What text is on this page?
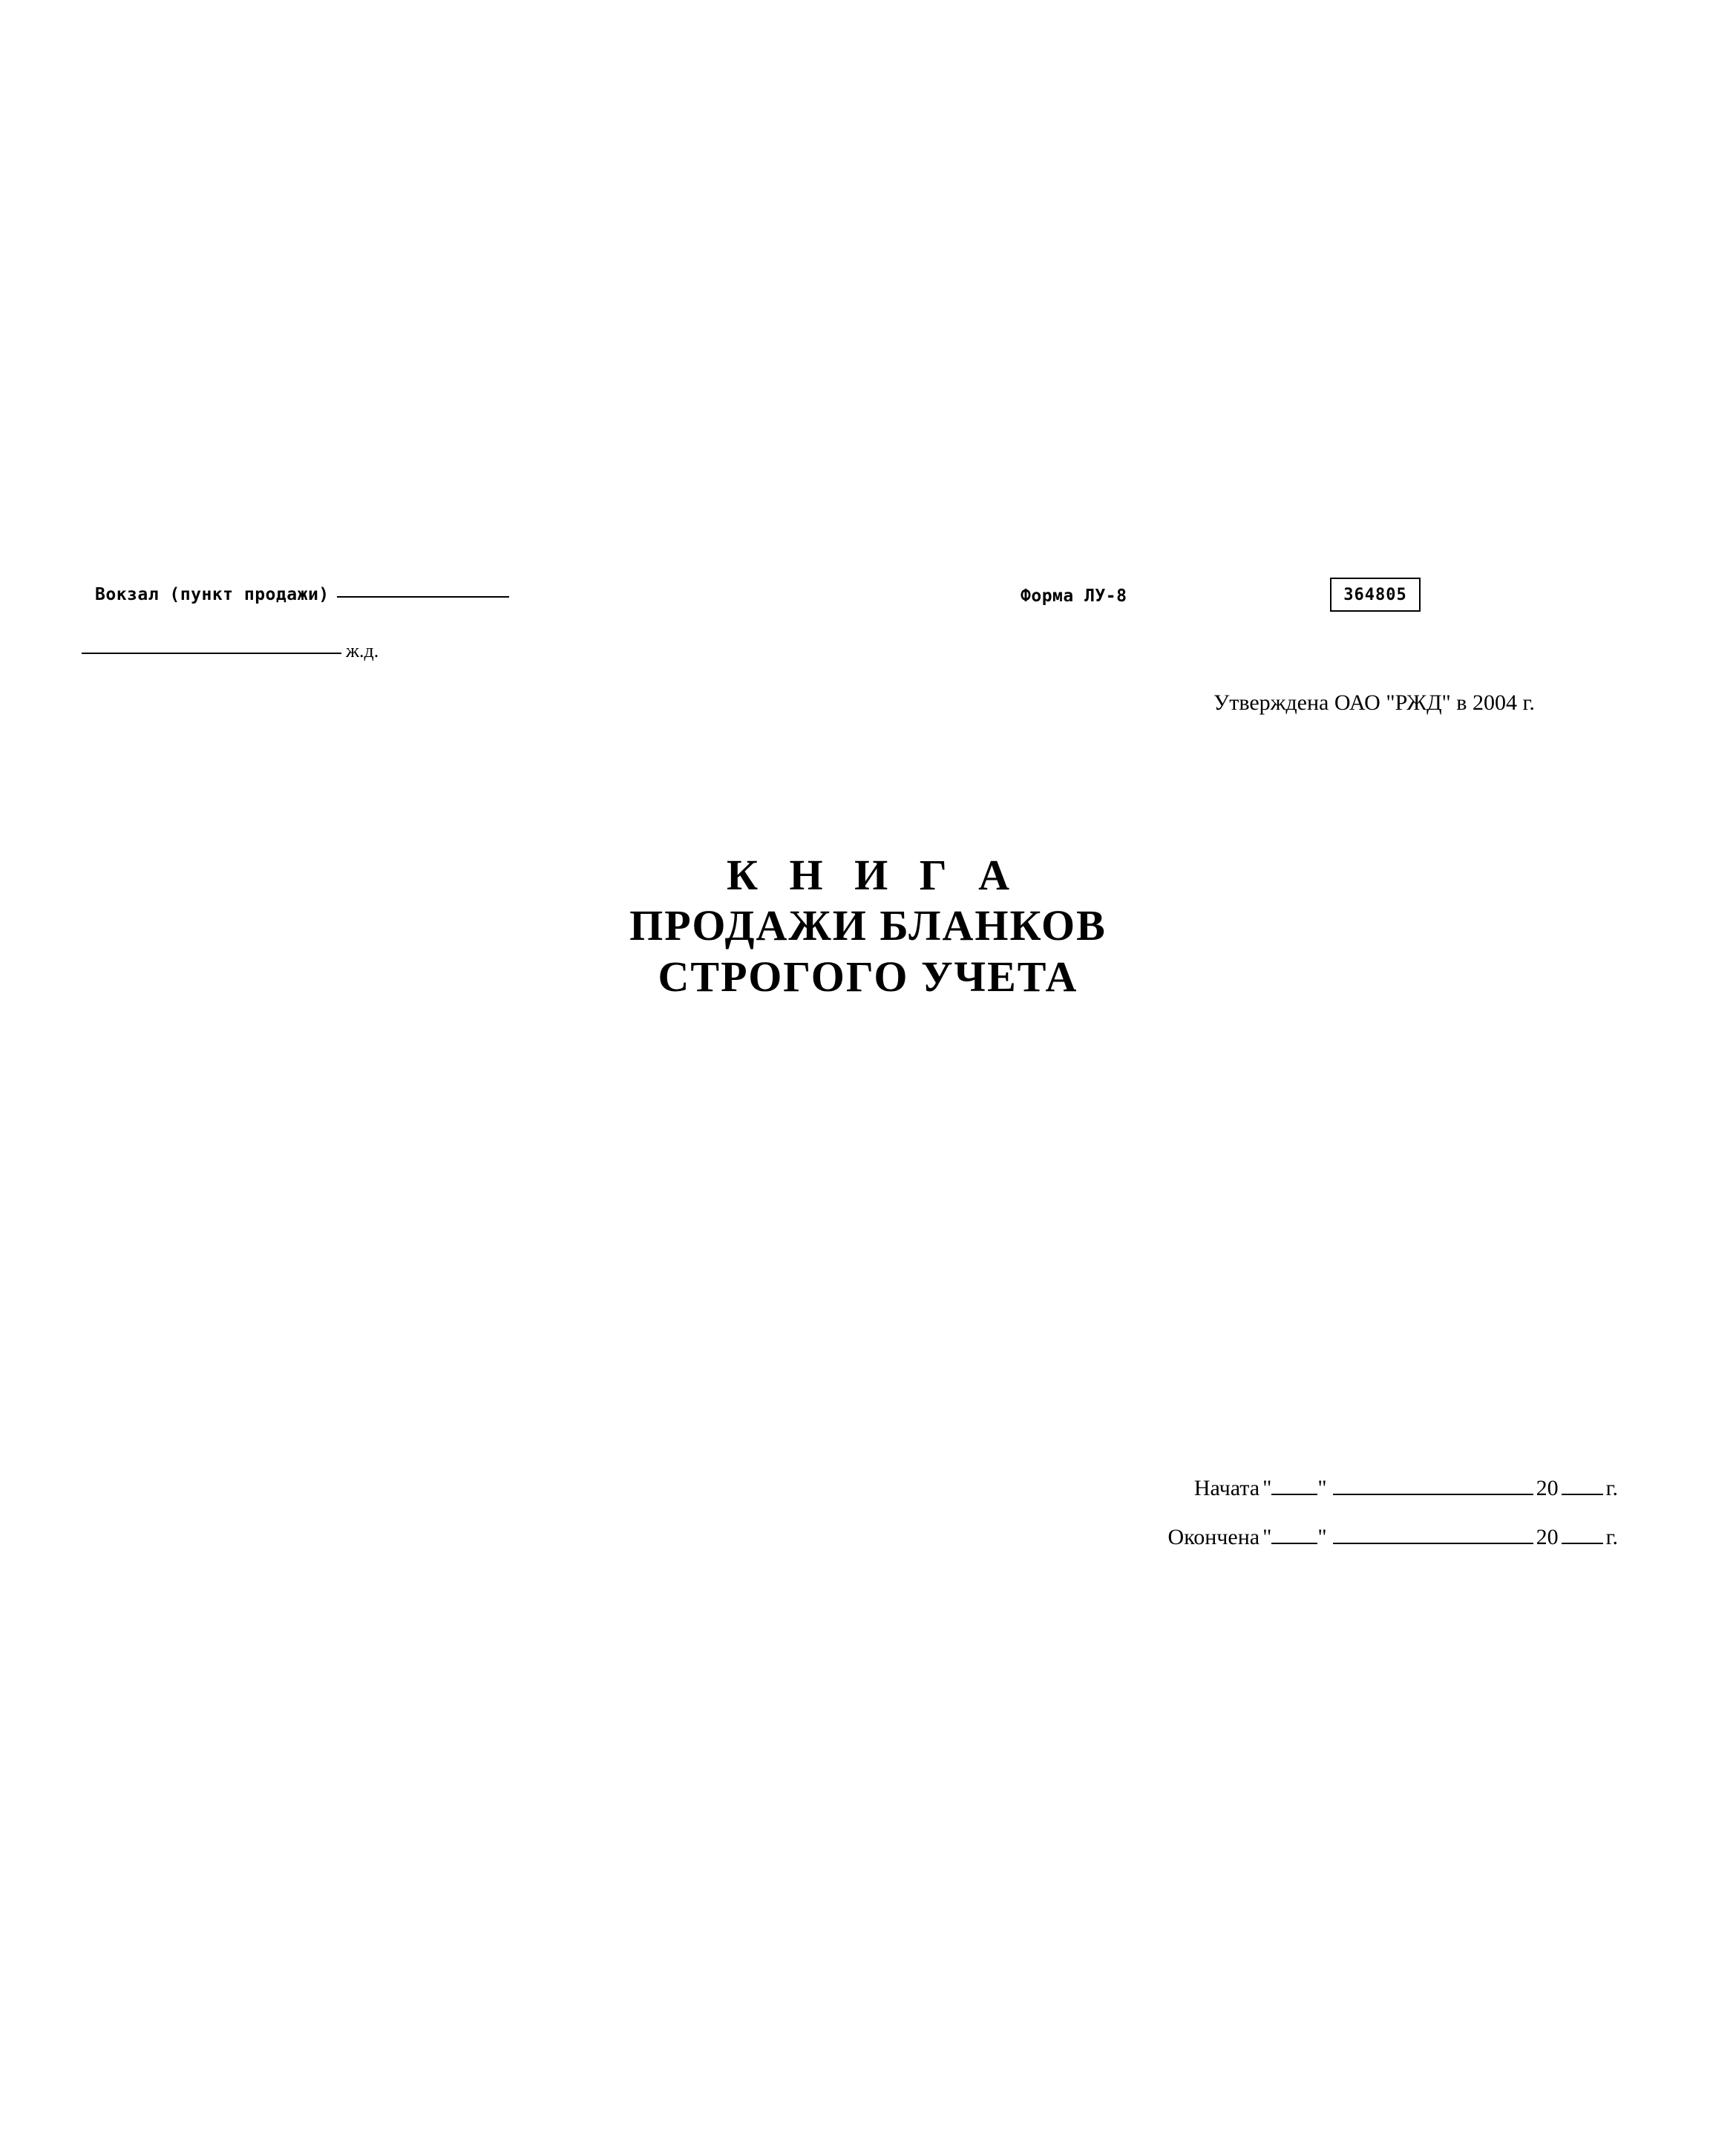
Вокзал (пункт продажи)
ж.д.
Форма ЛУ-8	364805
Утверждена ОАО "РЖД" в 2004 г.
К Н И Г А
ПРОДАЖИ БЛАНКОВ
СТРОГОГО УЧЕТА
Начата " "	20 г.
Окончена " "	20 г.
